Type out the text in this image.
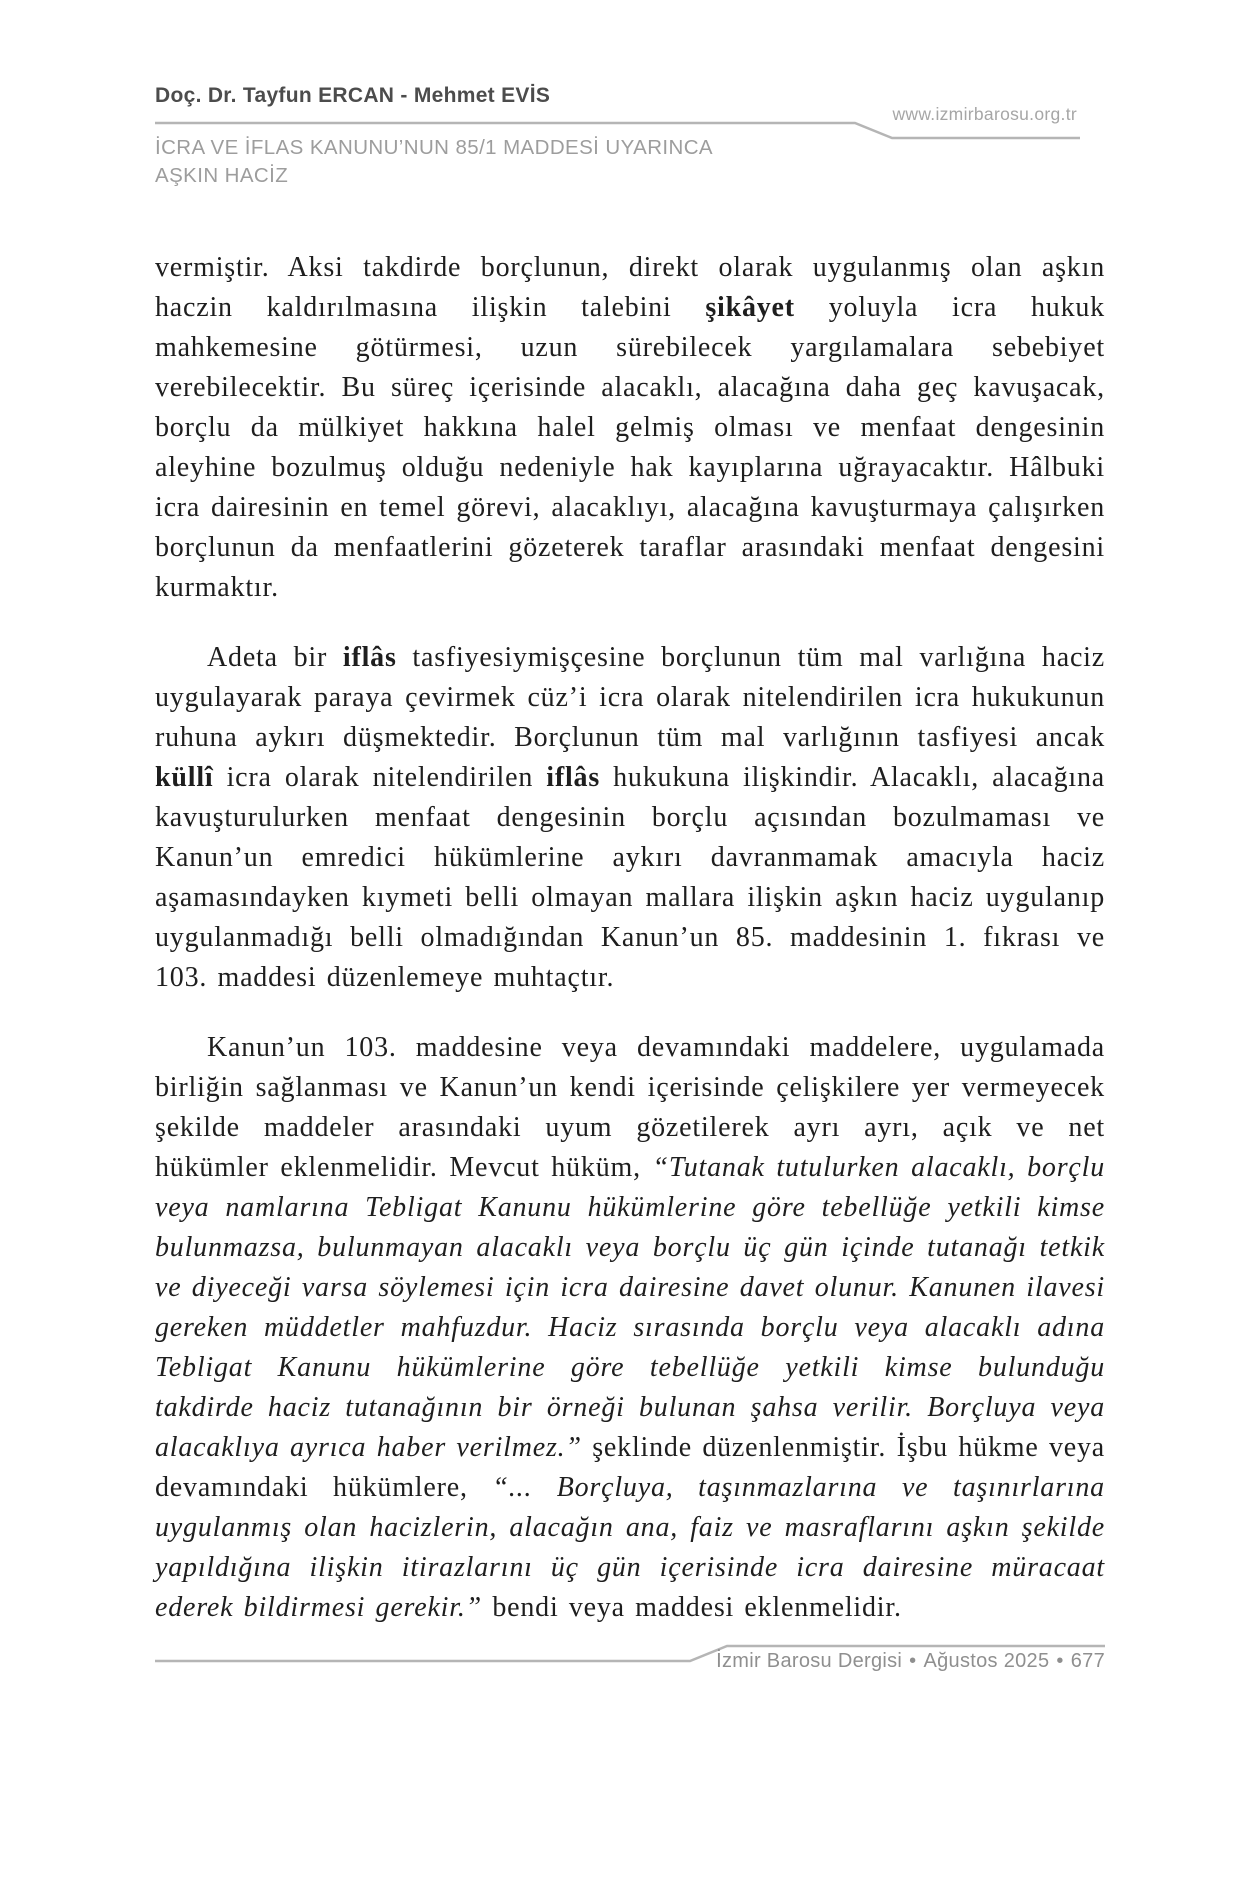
Doç. Dr. Tayfun ERCAN - Mehmet EVİS
www.izmirbarosu.org.tr
İCRA VE İFLAS KANUNU’NUN 85/1 MADDESİ UYARINCA
AŞKIN HACİZ

vermiştir. Aksi takdirde borçlunun, direkt olarak uygulanmış olan aşkın haczin kaldırılmasına ilişkin talebini şikâyet yoluyla icra hukuk mahkemesine götürmesi, uzun sürebilecek yargılamalara sebebiyet verebilecektir. Bu süreç içerisinde alacaklı, alacağına daha geç kavuşacak, borçlu da mülkiyet hakkına halel gelmiş olması ve menfaat dengesinin aleyhine bozulmuş olduğu nedeniyle hak kayıplarına uğrayacaktır. Hâlbuki icra dairesinin en temel görevi, alacaklıyı, alacağına kavuşturmaya çalışırken borçlunun da menfaatlerini gözeterek taraflar arasındaki menfaat dengesini kurmaktır.

Adeta bir iflâs tasfiyesiymişçesine borçlunun tüm mal varlığına haciz uygulayarak paraya çevirmek cüz’i icra olarak nitelendirilen icra hukukunun ruhuna aykırı düşmektedir. Borçlunun tüm mal varlığının tasfiyesi ancak küllî icra olarak nitelendirilen iflâs hukukuna ilişkindir. Alacaklı, alacağına kavuşturulurken menfaat dengesinin borçlu açısından bozulmaması ve Kanun’un emredici hükümlerine aykırı davranmamak amacıyla haciz aşamasındayken kıymeti belli olmayan mallara ilişkin aşkın haciz uygulanıp uygulanmadığı belli olmadığından Kanun’un 85. maddesinin 1. fıkrası ve 103. maddesi düzenlemeye muhtaçtır.

Kanun’un 103. maddesine veya devamındaki maddelere, uygulamada birliğin sağlanması ve Kanun’un kendi içerisinde çelişkilere yer vermeyecek şekilde maddeler arasındaki uyum gözetilerek ayrı ayrı, açık ve net hükümler eklenmelidir. Mevcut hüküm, “Tutanak tutulurken alacaklı, borçlu veya namlarına Tebligat Kanunu hükümlerine göre tebellüğe yetkili kimse bulunmazsa, bulunmayan alacaklı veya borçlu üç gün içinde tutanağı tetkik ve diyeceği varsa söylemesi için icra dairesine davet olunur. Kanunen ilavesi gereken müddetler mahfuzdur. Haciz sırasında borçlu veya alacaklı adına Tebligat Kanunu hükümlerine göre tebellüğe yetkili kimse bulunduğu takdirde haciz tutanağının bir örneği bulunan şahsa verilir. Borçluya veya alacaklıya ayrıca haber verilmez.” şeklinde düzenlenmiştir. İşbu hükme veya devamındaki hükümlere, “... Borçluya, taşınmazlarına ve taşınırlarına uygulanmış olan hacizlerin, alacağın ana, faiz ve masraflarını aşkın şekilde yapıldığına ilişkin itirazlarını üç gün içerisinde icra dairesine müracaat ederek bildirmesi gerekir.” bendi veya maddesi eklenmelidir.

İzmir Barosu Dergisi • Ağustos 2025 • 677
